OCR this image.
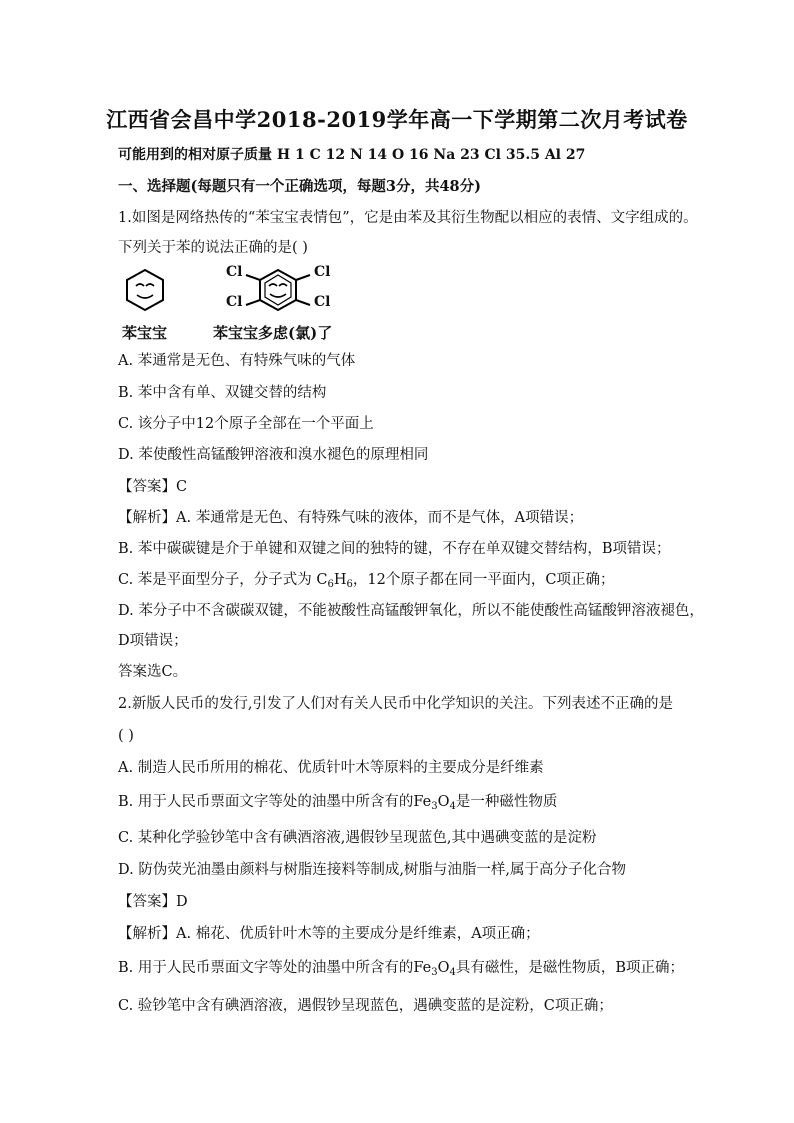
江西省会昌中学2018-2019学年高一下学期第二次月考试卷
可能用到的相对原子质量 H 1 C 12 N 14 O 16 Na 23 Cl 35.5 Al 27
一、选择题(每题只有一个正确选项，每题3分，共48分)
1.如图是网络热传的“苯宝宝表情包”，它是由苯及其衍生物配以相应的表情、文字组成的。
下列关于苯的说法正确的是( )
Cl
Cl
Cl
Cl
苯宝宝	苯宝宝多虑(氯)了
A. 苯通常是无色、有特殊气味的气体
B. 苯中含有单、双键交替的结构
C. 该分子中12个原子全部在一个平面上
D. 苯使酸性高锰酸钾溶液和溴水褪色的原理相同
【答案】C
【解析】A. 苯通常是无色、有特殊气味的液体，而不是气体，A项错误；
B. 苯中碳碳键是介于单键和双键之间的独特的键，不存在单双键交替结构，B项错误；
C. 苯是平面型分子，分子式为 $C_6H_6$，12个原子都在同一平面内，C项正确；
D. 苯分子中不含碳碳双键，不能被酸性高锰酸钾氧化，所以不能使酸性高锰酸钾溶液褪色，
D项错误；
答案选C。
2.新版人民币的发行,引发了人们对有关人民币中化学知识的关注。下列表述不正确的是
( )
A. 制造人民币所用的棉花、优质针叶木等原料的主要成分是纤维素
B. 用于人民币票面文字等处的油墨中所含有的$Fe_3O_4$是一种磁性物质
C. 某种化学验钞笔中含有碘酒溶液,遇假钞呈现蓝色,其中遇碘变蓝的是淀粉
D. 防伪荧光油墨由颜料与树脂连接料等制成,树脂与油脂一样,属于高分子化合物
【答案】D
【解析】A. 棉花、优质针叶木等的主要成分是纤维素，A项正确；
B. 用于人民币票面文字等处的油墨中所含有的$Fe_3O_4$具有磁性，是磁性物质，B项正确；
C. 验钞笔中含有碘酒溶液，遇假钞呈现蓝色，遇碘变蓝的是淀粉，C项正确；
